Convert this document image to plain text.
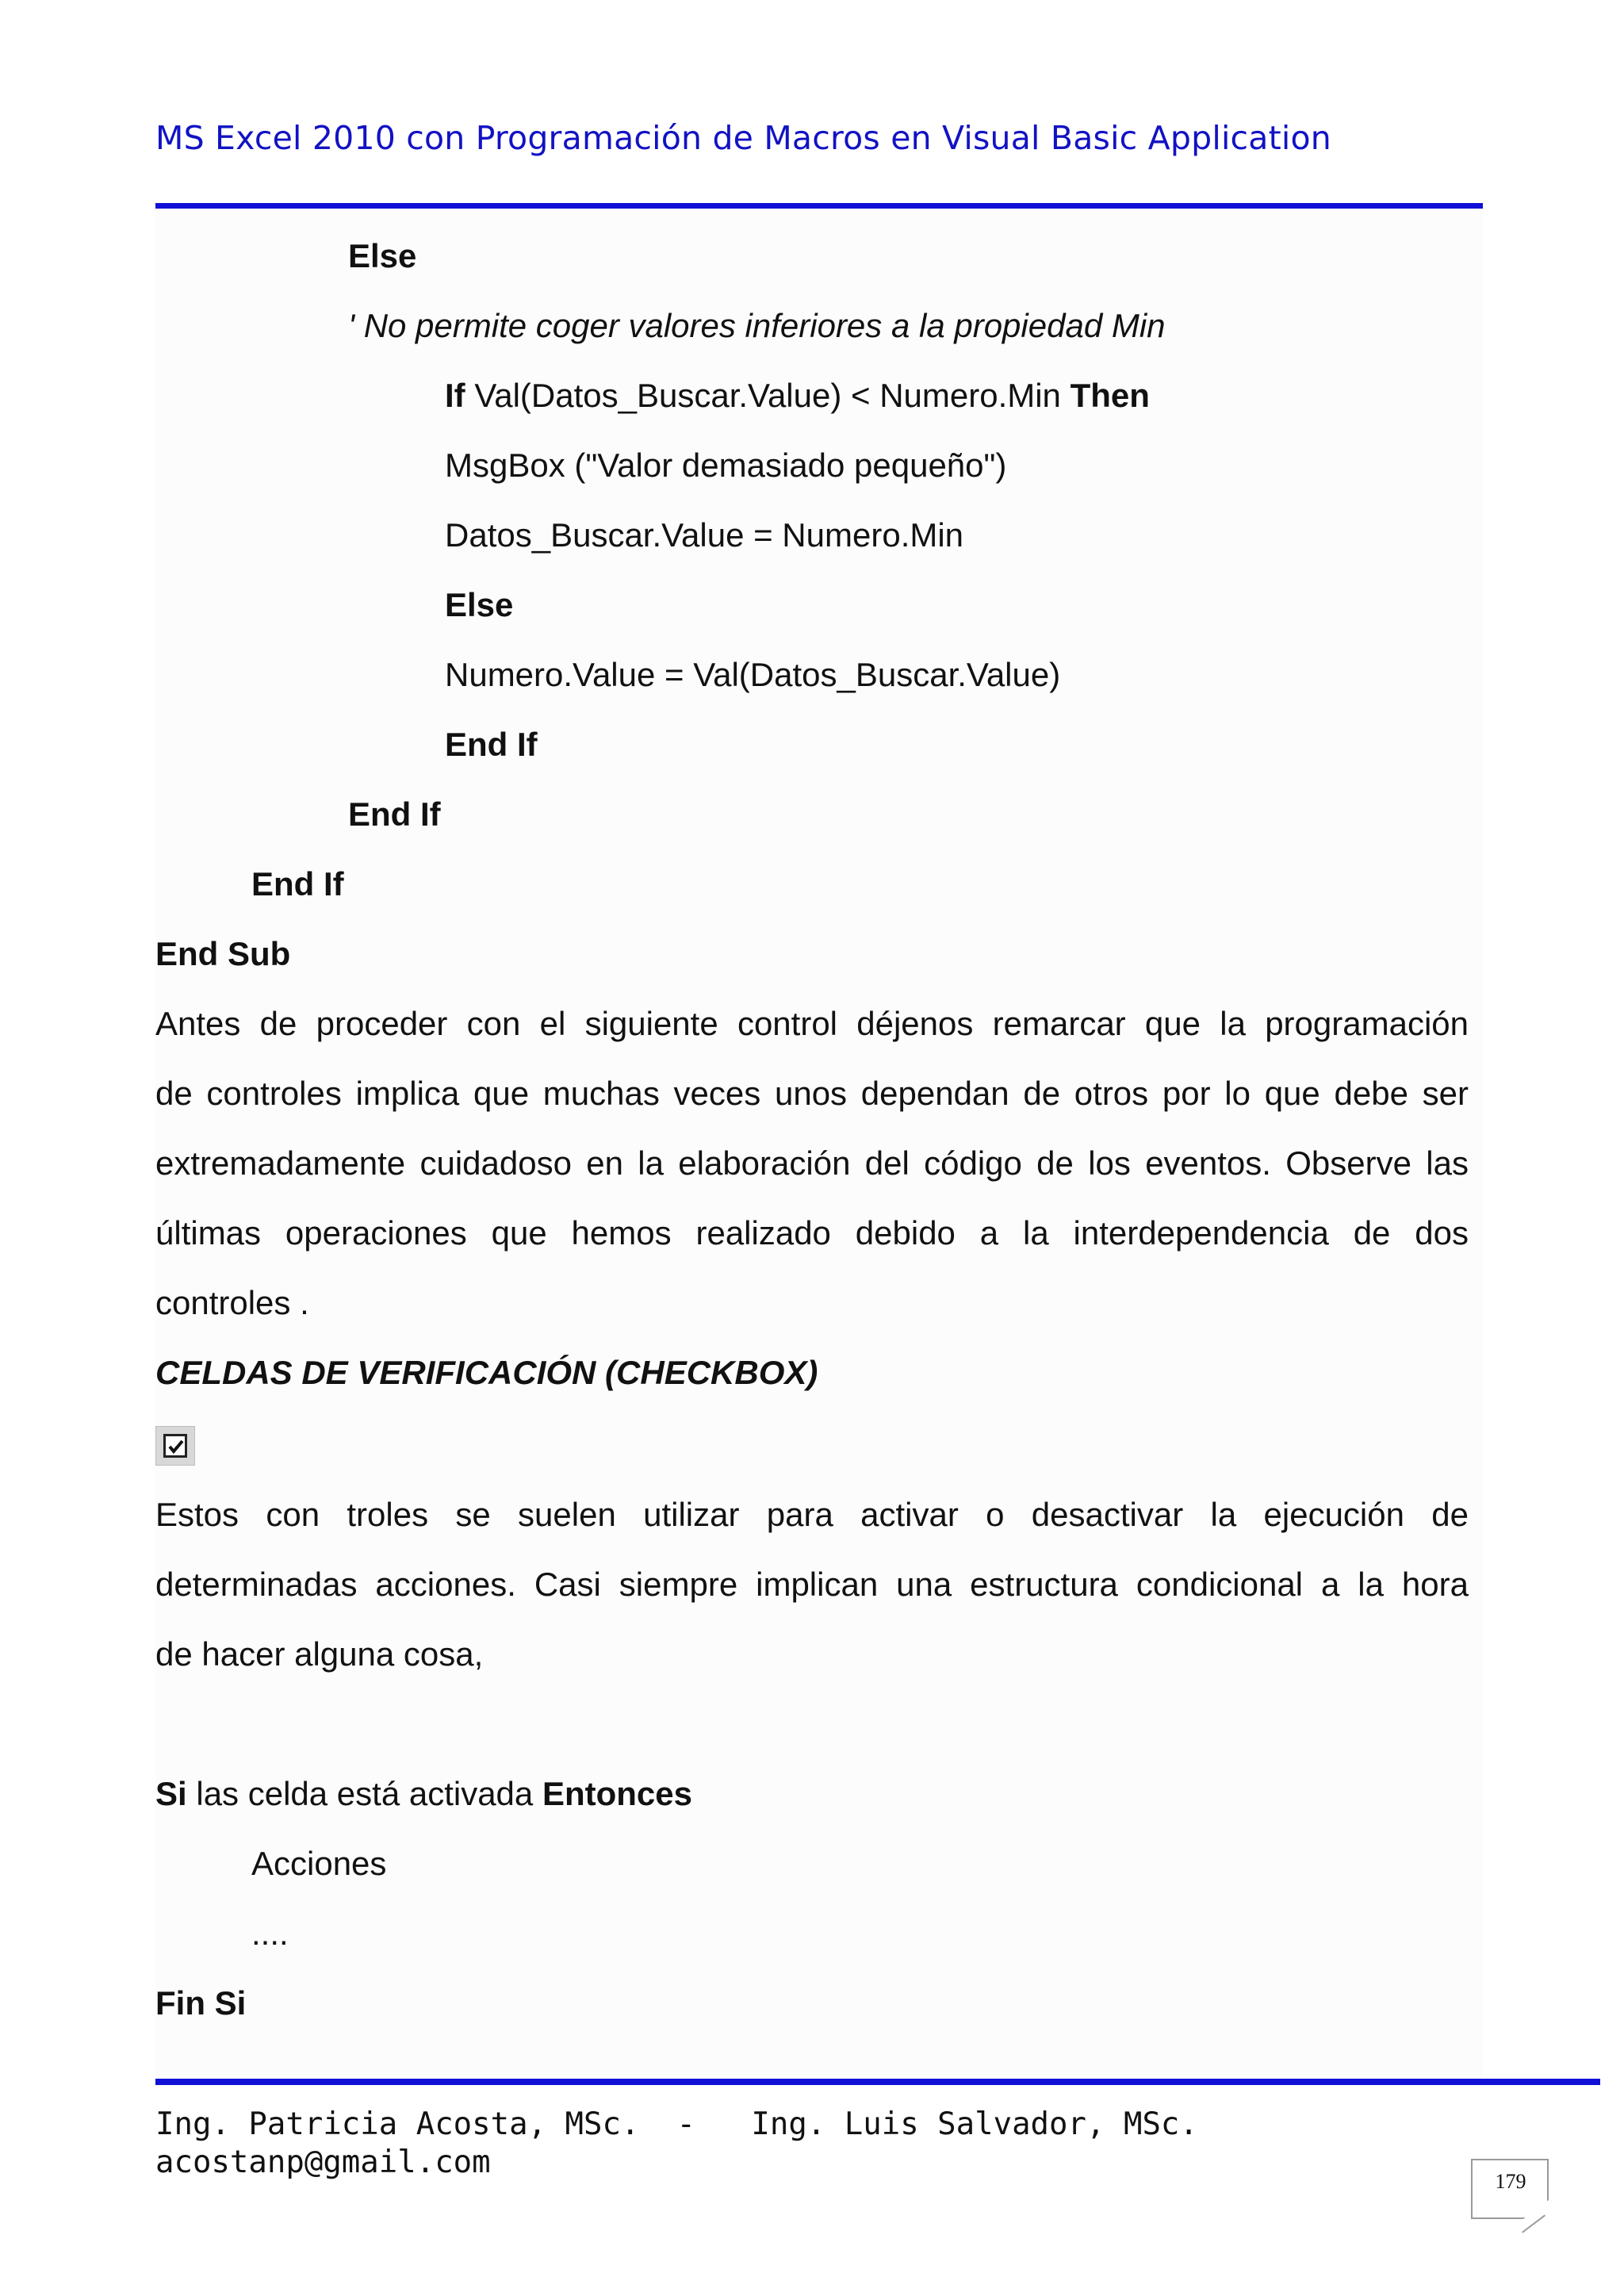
MS Excel 2010 con Programación de Macros en Visual Basic Application
Else
' No permite coger valores inferiores a la propiedad Min
If Val(Datos_Buscar.Value) < Numero.Min Then
MsgBox ("Valor demasiado pequeño")
Datos_Buscar.Value = Numero.Min
Else
Numero.Value = Val(Datos_Buscar.Value)
End If
End If
End If
End Sub
Antes de proceder con el siguiente control déjenos remarcar que la programación
de controles implica que muchas veces unos dependan de otros por lo que debe ser
extremadamente cuidadoso en la elaboración del código de los eventos. Observe las
últimas operaciones que hemos realizado debido a la interdependencia de dos
controles .
CELDAS DE VERIFICACIÓN (CHECKBOX)
Estos con troles se suelen utilizar para activar o desactivar la ejecución de
determinadas acciones. Casi siempre implican una estructura condicional a la hora
de hacer alguna cosa,
Si las celda está activada Entonces
Acciones
....
Fin Si
Ing. Patricia Acosta, MSc.  -   Ing. Luis Salvador, MSc.
acostanp@gmail.com
179
